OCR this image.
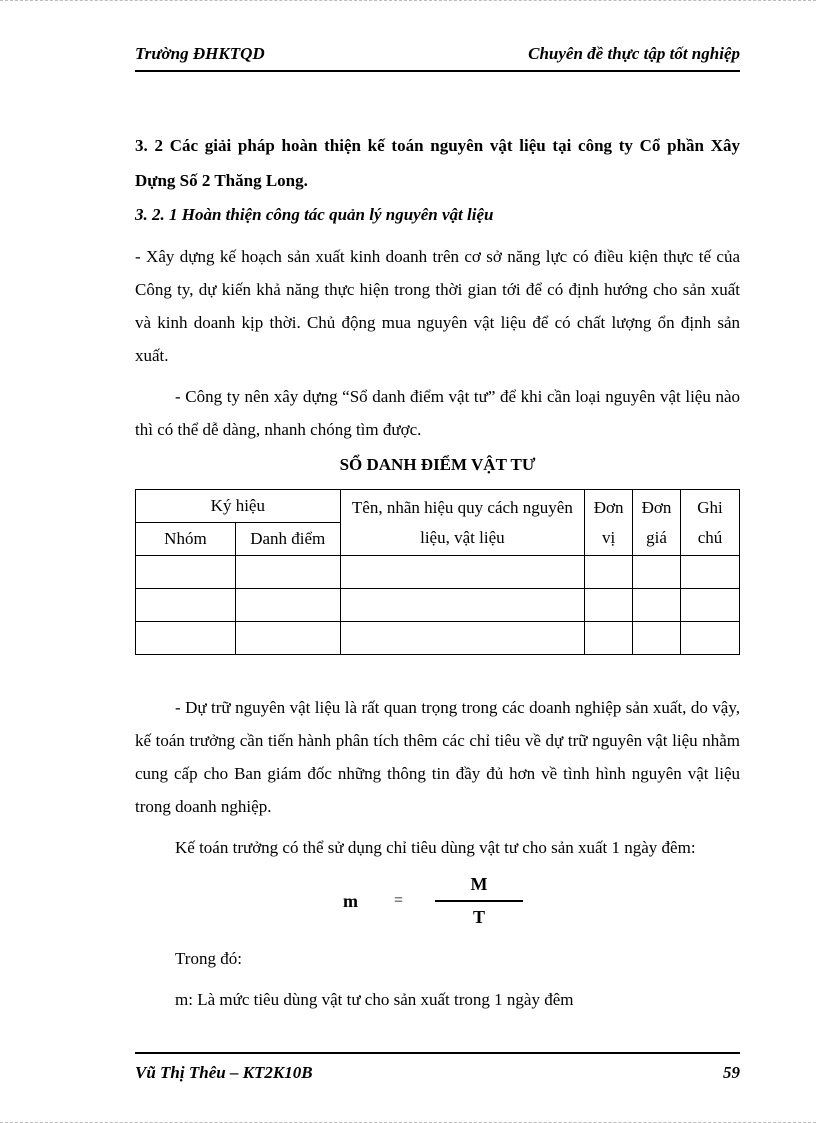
Trường ĐHKTQD	Chuyên đề thực tập tốt nghiệp

3. 2 Các giải pháp hoàn thiện kế toán nguyên vật liệu tại công ty Cổ phần Xây Dựng Số 2 Thăng Long.

3. 2. 1 Hoàn thiện công tác quản lý nguyên vật liệu

- Xây dựng kế hoạch sản xuất kinh doanh trên cơ sở năng lực có điều kiện thực tế của Công ty, dự kiến khả năng thực hiện trong thời gian tới để có định hướng cho sản xuất và kinh doanh kịp thời. Chủ động mua nguyên vật liệu để có chất lượng ổn định sản xuất.

- Công ty nên xây dựng “Sổ danh điểm vật tư” để khi cần loại nguyên vật liệu nào thì có thể dễ dàng, nhanh chóng tìm được.

SỔ DANH ĐIỂM VẬT TƯ

Ký hiệu		Tên, nhãn hiệu quy cách nguyên liệu, vật liệu	Đơn vị	Đơn giá	Ghi chú
Nhóm	Danh điểm				

- Dự trữ nguyên vật liệu là rất quan trọng trong các doanh nghiệp sản xuất, do vậy, kế toán trưởng cần tiến hành phân tích thêm các chỉ tiêu về dự trữ nguyên vật liệu nhằm cung cấp cho Ban giám đốc những thông tin đầy đủ hơn về tình hình nguyên vật liệu trong doanh nghiệp.

Kế toán trưởng có thể sử dụng chỉ tiêu dùng vật tư cho sản xuất 1 ngày đêm:

$m = \frac{M}{T}$

Trong đó:

m: Là mức tiêu dùng vật tư cho sản xuất trong 1 ngày đêm

Vũ Thị Thêu – KT2K10B	59
